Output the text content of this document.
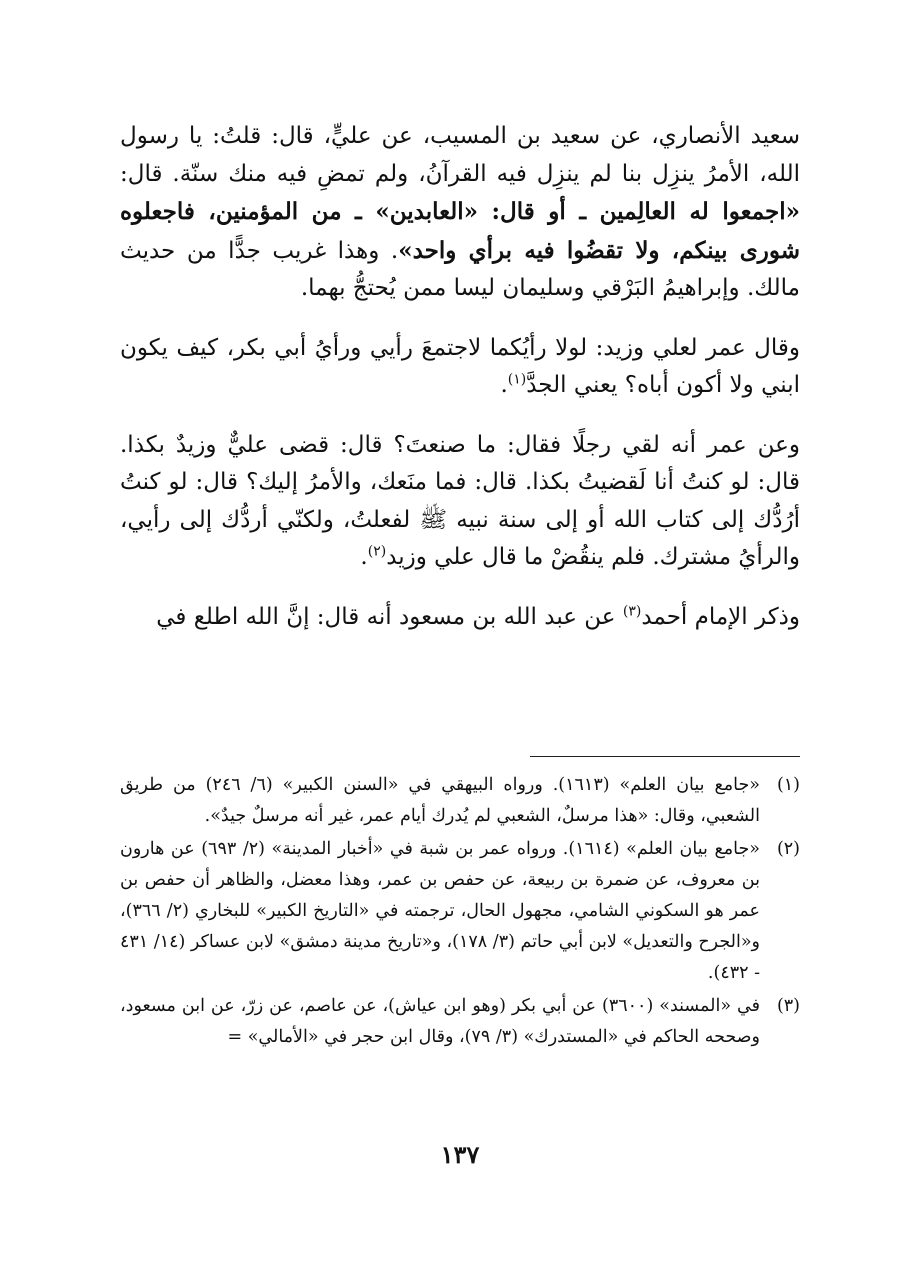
سعيد الأنصاري، عن سعيد بن المسيب، عن عليٍّ، قال: قلتُ: يا رسول الله، الأمرُ ينزِل بنا لم ينزِل فيه القرآنُ، ولم تمضِ فيه منك سنّة. قال: «اجمعوا له العالِمين ـ أو قال: «العابدين» ـ من المؤمنين، فاجعلوه شورى بينكم، ولا تقضُوا فيه برأي واحد». وهذا غريب جدًّا من حديث مالك. وإبراهيمُ البَرْقي وسليمان ليسا ممن يُحتجُّ بهما.

وقال عمر لعلي وزيد: لولا رأيُكما لاجتمعَ رأيي ورأيُ أبي بكر، كيف يكون ابني ولا أكون أباه؟ يعني الجدَّ$^{(١)}$.

وعن عمر أنه لقي رجلًا فقال: ما صنعتَ؟ قال: قضى عليٌّ وزيدٌ بكذا. قال: لو كنتُ أنا لَقضيتُ بكذا. قال: فما منَعك، والأمرُ إليك؟ قال: لو كنتُ أرُدُّك إلى كتاب الله أو إلى سنة نبيه ﷺ لفعلتُ، ولكنّي أردُّك إلى رأيي، والرأيُ مشترك. فلم ينقُضْ ما قال علي وزيد$^{(٢)}$.

وذكر الإمام أحمد$^{(٣)}$ عن عبد الله بن مسعود أنه قال: إنَّ الله اطلع في

(١)
«جامع بيان العلم» (١٦١٣). ورواه البيهقي في «السنن الكبير» (٦/ ٢٤٦) من طريق الشعبي، وقال: «هذا مرسلٌ، الشعبي لم يُدرك أيام عمر، غير أنه مرسلٌ جيدٌ».
(٢)
«جامع بيان العلم» (١٦١٤). ورواه عمر بن شبة في «أخبار المدينة» (٢/ ٦٩٣) عن هارون بن معروف، عن ضمرة بن ربيعة، عن حفص بن عمر، وهذا معضل، والظاهر أن حفص بن عمر هو السكوني الشامي، مجهول الحال، ترجمته في «التاريخ الكبير» للبخاري (٢/ ٣٦٦)، و«الجرح والتعديل» لابن أبي حاتم (٣/ ١٧٨)، و«تاريخ مدينة دمشق» لابن عساكر (١٤/ ٤٣١ - ٤٣٢).
(٣)
في «المسند» (٣٦٠٠) عن أبي بكر (وهو ابن عياش)، عن عاصم، عن زرّ، عن ابن مسعود، وصححه الحاكم في «المستدرك» (٣/ ٧٩)، وقال ابن حجر في «الأمالي» =
١٣٧
